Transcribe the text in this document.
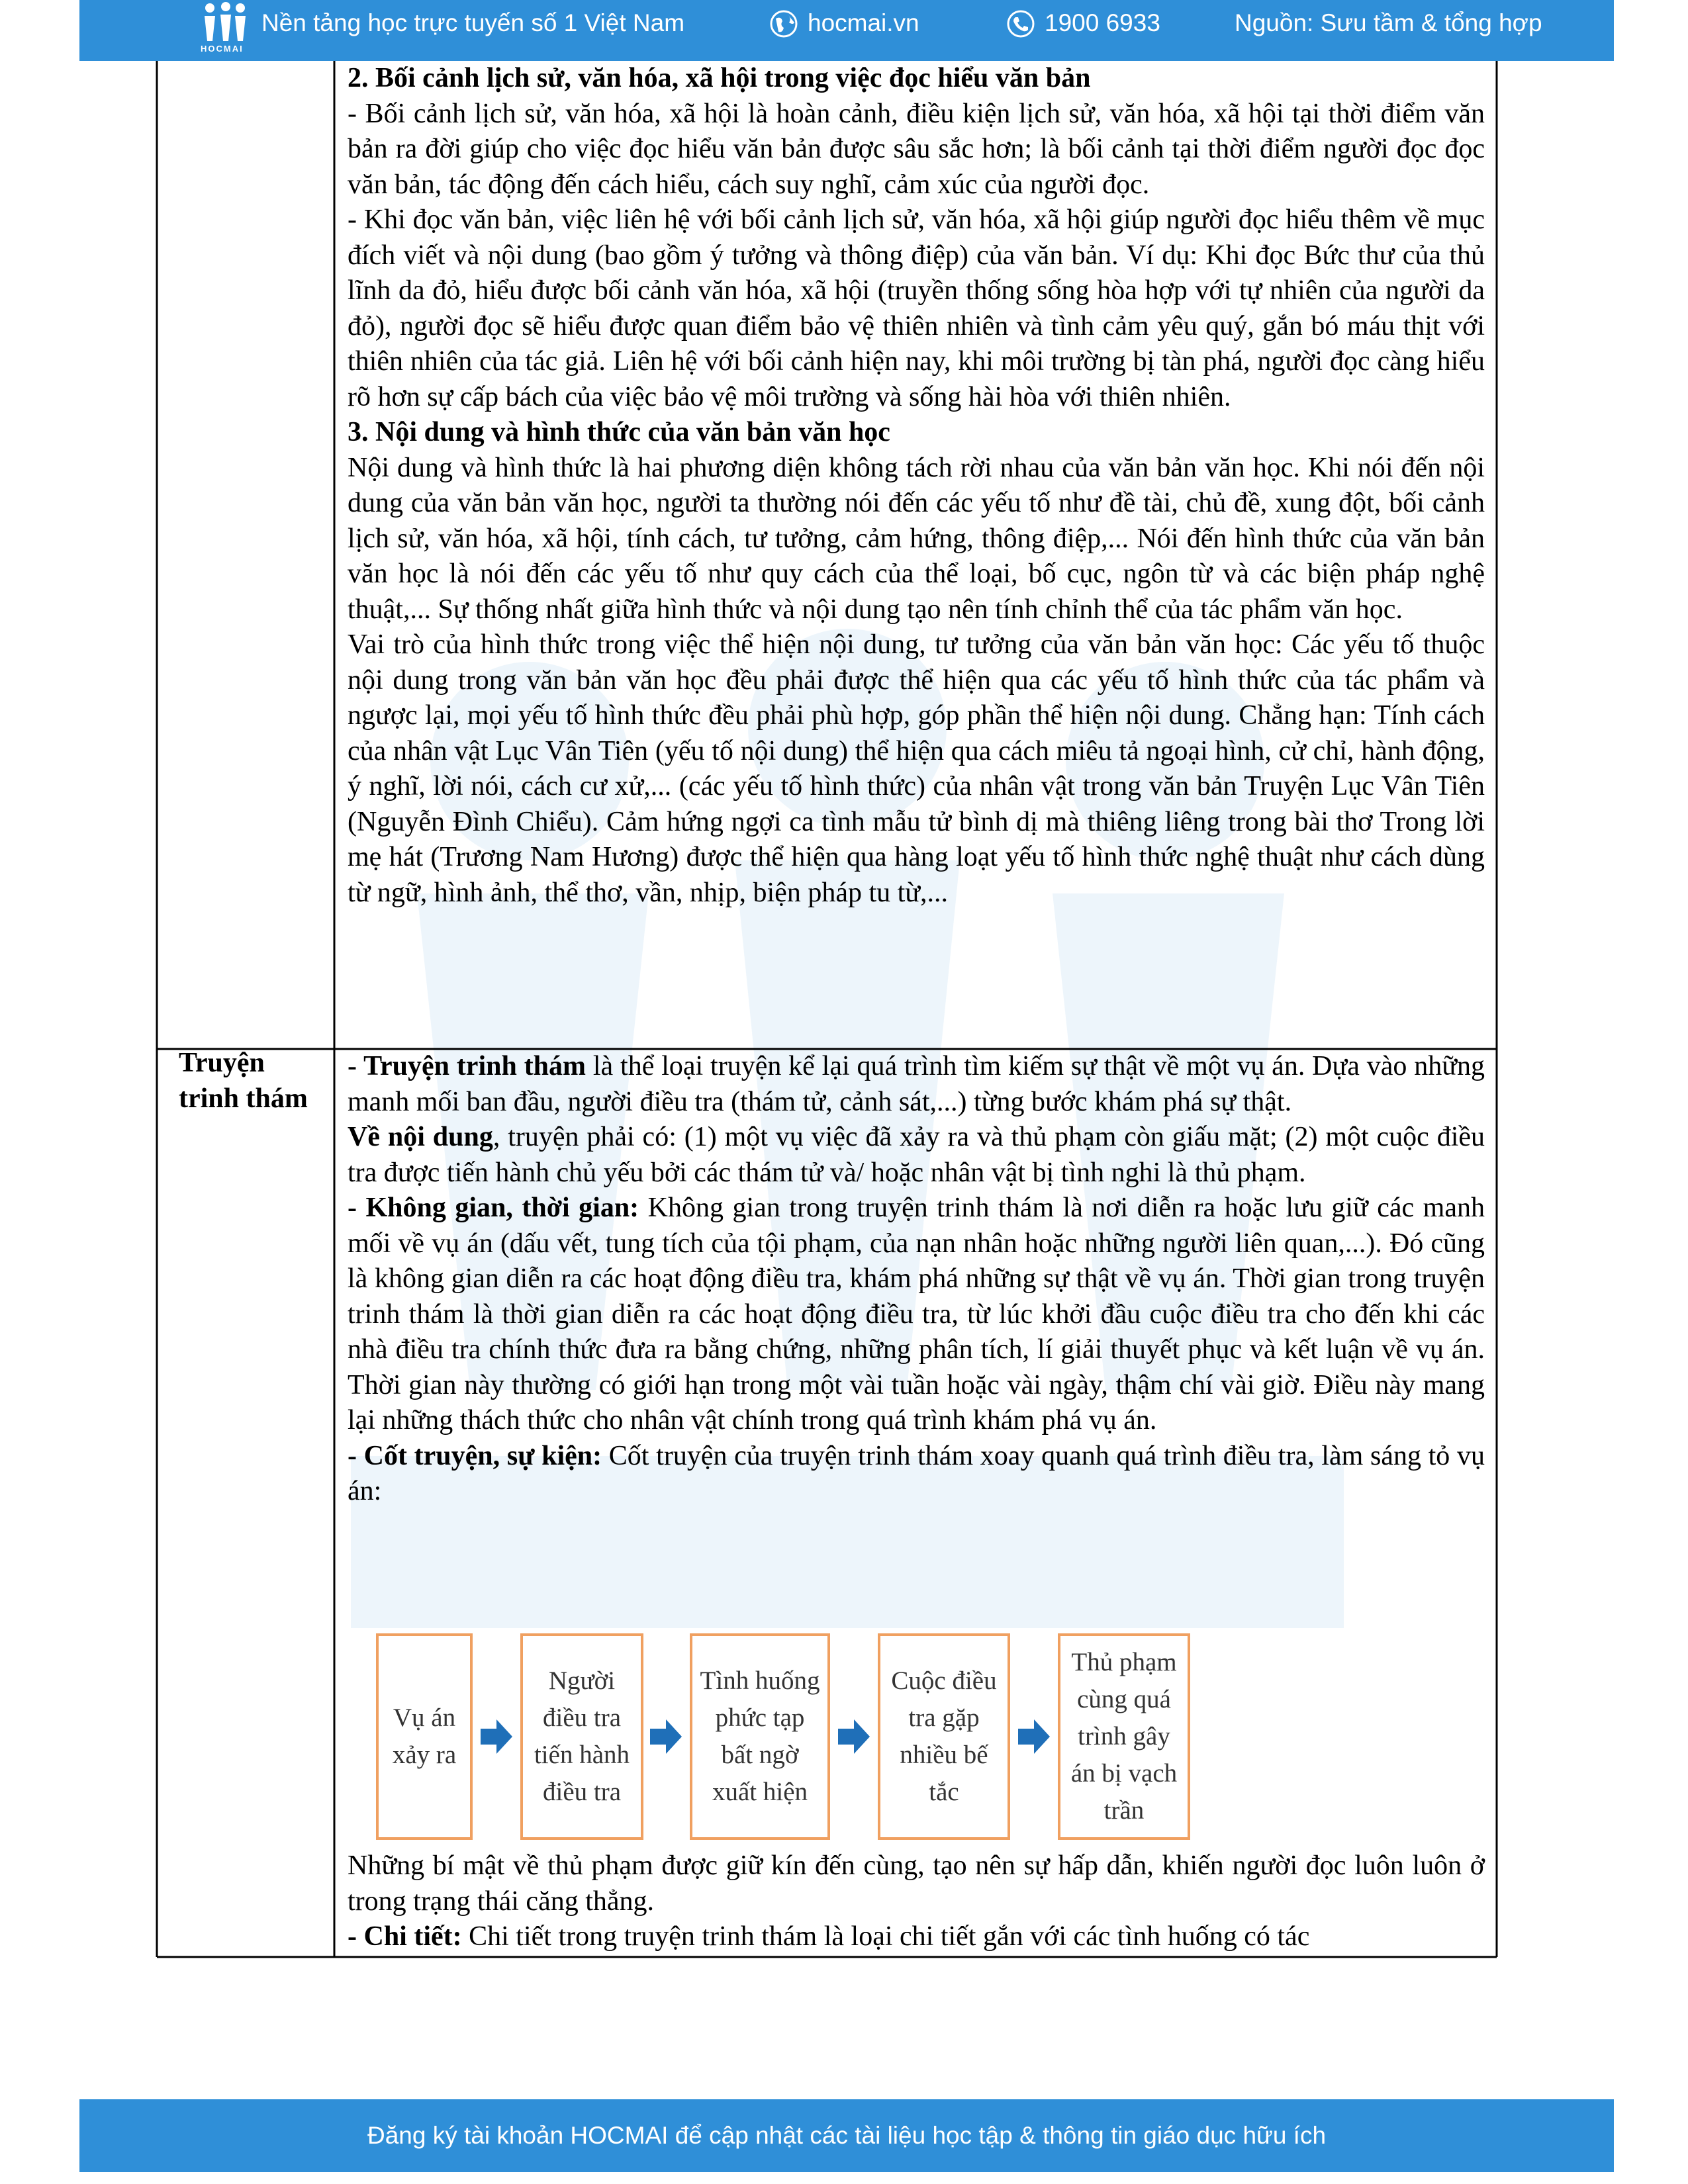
HOCMAI
Nền tảng học trực tuyến số 1 Việt Nam	hocmai.vn	1900 6933	Nguồn: Sưu tầm & tổng hợp

2. Bối cảnh lịch sử, văn hóa, xã hội trong việc đọc hiểu văn bản

- Bối cảnh lịch sử, văn hóa, xã hội là hoàn cảnh, điều kiện lịch sử, văn hóa, xã hội tại thời điểm văn bản ra đời giúp cho việc đọc hiểu văn bản được sâu sắc hơn; là bối cảnh tại thời điểm người đọc đọc văn bản, tác động đến cách hiểu, cách suy nghĩ, cảm xúc của người đọc.

- Khi đọc văn bản, việc liên hệ với bối cảnh lịch sử, văn hóa, xã hội giúp người đọc hiểu thêm về mục đích viết và nội dung (bao gồm ý tưởng và thông điệp) của văn bản. Ví dụ: Khi đọc Bức thư của thủ lĩnh da đỏ, hiểu được bối cảnh văn hóa, xã hội (truyền thống sống hòa hợp với tự nhiên của người da đỏ), người đọc sẽ hiểu được quan điểm bảo vệ thiên nhiên và tình cảm yêu quý, gắn bó máu thịt với thiên nhiên của tác giả. Liên hệ với bối cảnh hiện nay, khi môi trường bị tàn phá, người đọc càng hiểu rõ hơn sự cấp bách của việc bảo vệ môi trường và sống hài hòa với thiên nhiên.

3. Nội dung và hình thức của văn bản văn học

Nội dung và hình thức là hai phương diện không tách rời nhau của văn bản văn học. Khi nói đến nội dung của văn bản văn học, người ta thường nói đến các yếu tố như đề tài, chủ đề, xung đột, bối cảnh lịch sử, văn hóa, xã hội, tính cách, tư tưởng, cảm hứng, thông điệp,... Nói đến hình thức của văn bản văn học là nói đến các yếu tố như quy cách của thể loại, bố cục, ngôn từ và các biện pháp nghệ thuật,... Sự thống nhất giữa hình thức và nội dung tạo nên tính chỉnh thể của tác phẩm văn học.

Vai trò của hình thức trong việc thể hiện nội dung, tư tưởng của văn bản văn học: Các yếu tố thuộc nội dung trong văn bản văn học đều phải được thể hiện qua các yếu tố hình thức của tác phẩm và ngược lại, mọi yếu tố hình thức đều phải phù hợp, góp phần thể hiện nội dung. Chẳng hạn: Tính cách của nhân vật Lục Vân Tiên (yếu tố nội dung) thể hiện qua cách miêu tả ngoại hình, cử chỉ, hành động, ý nghĩ, lời nói, cách cư xử,... (các yếu tố hình thức) của nhân vật trong văn bản Truyện Lục Vân Tiên (Nguyễn Đình Chiểu). Cảm hứng ngợi ca tình mẫu tử bình dị mà thiêng liêng trong bài thơ Trong lời mẹ hát (Trương Nam Hương) được thể hiện qua hàng loạt yếu tố hình thức nghệ thuật như cách dùng từ ngữ, hình ảnh, thể thơ, vần, nhịp, biện pháp tu từ,...

Truyện trinh thám

- Truyện trinh thám là thể loại truyện kể lại quá trình tìm kiếm sự thật về một vụ án. Dựa vào những manh mối ban đầu, người điều tra (thám tử, cảnh sát,...) từng bước khám phá sự thật.

Về nội dung, truyện phải có: (1) một vụ việc đã xảy ra và thủ phạm còn giấu mặt; (2) một cuộc điều tra được tiến hành chủ yếu bởi các thám tử và/ hoặc nhân vật bị tình nghi là thủ phạm.

- Không gian, thời gian: Không gian trong truyện trinh thám là nơi diễn ra hoặc lưu giữ các manh mối về vụ án (dấu vết, tung tích của tội phạm, của nạn nhân hoặc những người liên quan,...). Đó cũng là không gian diễn ra các hoạt động điều tra, khám phá những sự thật về vụ án. Thời gian trong truyện trinh thám là thời gian diễn ra các hoạt động điều tra, từ lúc khởi đầu cuộc điều tra cho đến khi các nhà điều tra chính thức đưa ra bằng chứng, những phân tích, lí giải thuyết phục và kết luận về vụ án. Thời gian này thường có giới hạn trong một vài tuần hoặc vài ngày, thậm chí vài giờ. Điều này mang lại những thách thức cho nhân vật chính trong quá trình khám phá vụ án.

- Cốt truyện, sự kiện: Cốt truyện của truyện trinh thám xoay quanh quá trình điều tra, làm sáng tỏ vụ án:

Vụ án xảy ra
Người điều tra tiến hành điều tra
Tình huống phức tạp bất ngờ xuất hiện
Cuộc điều tra gặp nhiều bế tắc
Thủ phạm cùng quá trình gây án bị vạch trần

Những bí mật về thủ phạm được giữ kín đến cùng, tạo nên sự hấp dẫn, khiến người đọc luôn luôn ở trong trạng thái căng thẳng.

- Chi tiết: Chi tiết trong truyện trinh thám là loại chi tiết gắn với các tình huống có tác

Đăng ký tài khoản HOCMAI để cập nhật các tài liệu học tập & thông tin giáo dục hữu ích
